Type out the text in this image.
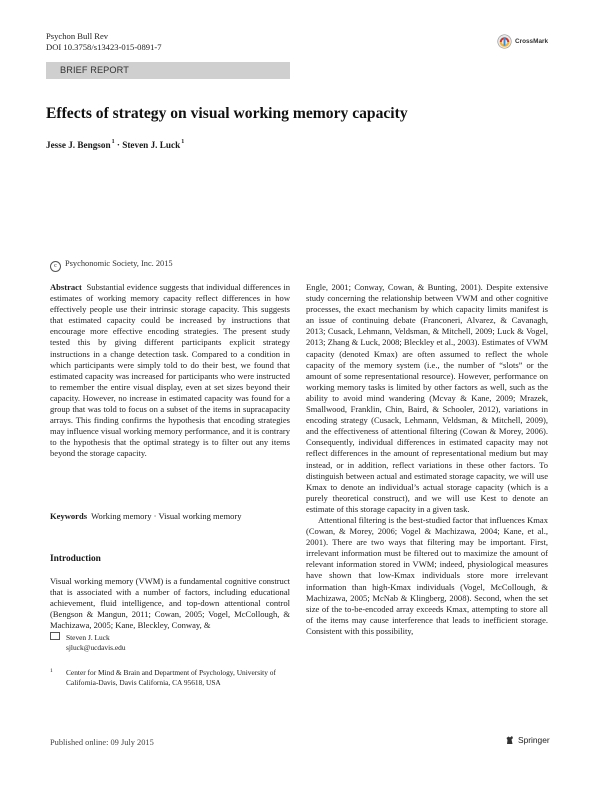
Psychon Bull Rev
DOI 10.3758/s13423-015-0891-7
CrossMark
BRIEF REPORT
Effects of strategy on visual working memory capacity
Jesse J. Bengson$^1$ · Steven J. Luck$^1$
c Psychonomic Society, Inc. 2015

Abstract Substantial evidence suggests that individual differences in estimates of working memory capacity reflect differences in how effectively people use their intrinsic storage capacity. This suggests that estimated capacity could be increased by instructions that encourage more effective encoding strategies. The present study tested this by giving different participants explicit strategy instructions in a change detection task. Compared to a condition in which participants were simply told to do their best, we found that estimated capacity was increased for participants who were instructed to remember the entire visual display, even at set sizes beyond their capacity. However, no increase in estimated capacity was found for a group that was told to focus on a subset of the items in supracapacity arrays. This finding confirms the hypothesis that encoding strategies may influence visual working memory performance, and it is contrary to the hypothesis that the optimal strategy is to filter out any items beyond the storage capacity.

Keywords Working memory · Visual working memory
Introduction
Visual working memory (VWM) is a fundamental cognitive construct that is associated with a number of factors, including educational achievement, fluid intelligence, and top-down attentional control (Bengson & Mangun, 2011; Cowan, 2005; Vogel, McCollough, & Machizawa, 2005; Kane, Bleckley, Conway, &
Steven J. Luck
sjluck@ucdavis.edu
1	Center for Mind & Brain and Department of Psychology, University of California-Davis, Davis California, CA 95618, USA

Engle, 2001; Conway, Cowan, & Bunting, 2001). Despite extensive study concerning the relationship between VWM and other cognitive processes, the exact mechanism by which capacity limits manifest is an issue of continuing debate (Franconeri, Alvarez, & Cavanagh, 2013; Cusack, Lehmann, Veldsman, & Mitchell, 2009; Luck & Vogel, 2013; Zhang & Luck, 2008; Bleckley et al., 2003). Estimates of VWM capacity (denoted Kmax) are often assumed to reflect the whole capacity of the memory system (i.e., the number of “slots” or the amount of some representational resource). However, performance on working memory tasks is limited by other factors as well, such as the ability to avoid mind wandering (Mcvay & Kane, 2009; Mrazek, Smallwood, Franklin, Chin, Baird, & Schooler, 2012), variations in encoding strategy (Cusack, Lehmann, Veldsman, & Mitchell, 2009), and the effectiveness of attentional filtering (Cowan & Morey, 2006). Consequently, individual differences in estimated capacity may not reflect differences in the amount of representational medium but may instead, or in addition, reflect variations in these other factors. To distinguish between actual and estimated storage capacity, we will use Kmax to denote an individual’s actual storage capacity (which is a purely theoretical construct), and we will use Kest to denote an estimate of this storage capacity in a given task.

Attentional filtering is the best-studied factor that influences Kmax (Cowan, & Morey, 2006; Vogel & Machizawa, 2004; Kane, et al., 2001). There are two ways that filtering may be important. First, irrelevant information must be filtered out to maximize the amount of relevant information stored in VWM; indeed, physiological measures have shown that low-Kmax individuals store more irrelevant information than high-Kmax individuals (Vogel, McCollough, & Machizawa, 2005; McNab & Klingberg, 2008). Second, when the set size of the to-be-encoded array exceeds Kmax, attempting to store all of the items may cause interference that leads to inefficient storage. Consistent with this possibility,

Published online: 09 July 2015	Springer
